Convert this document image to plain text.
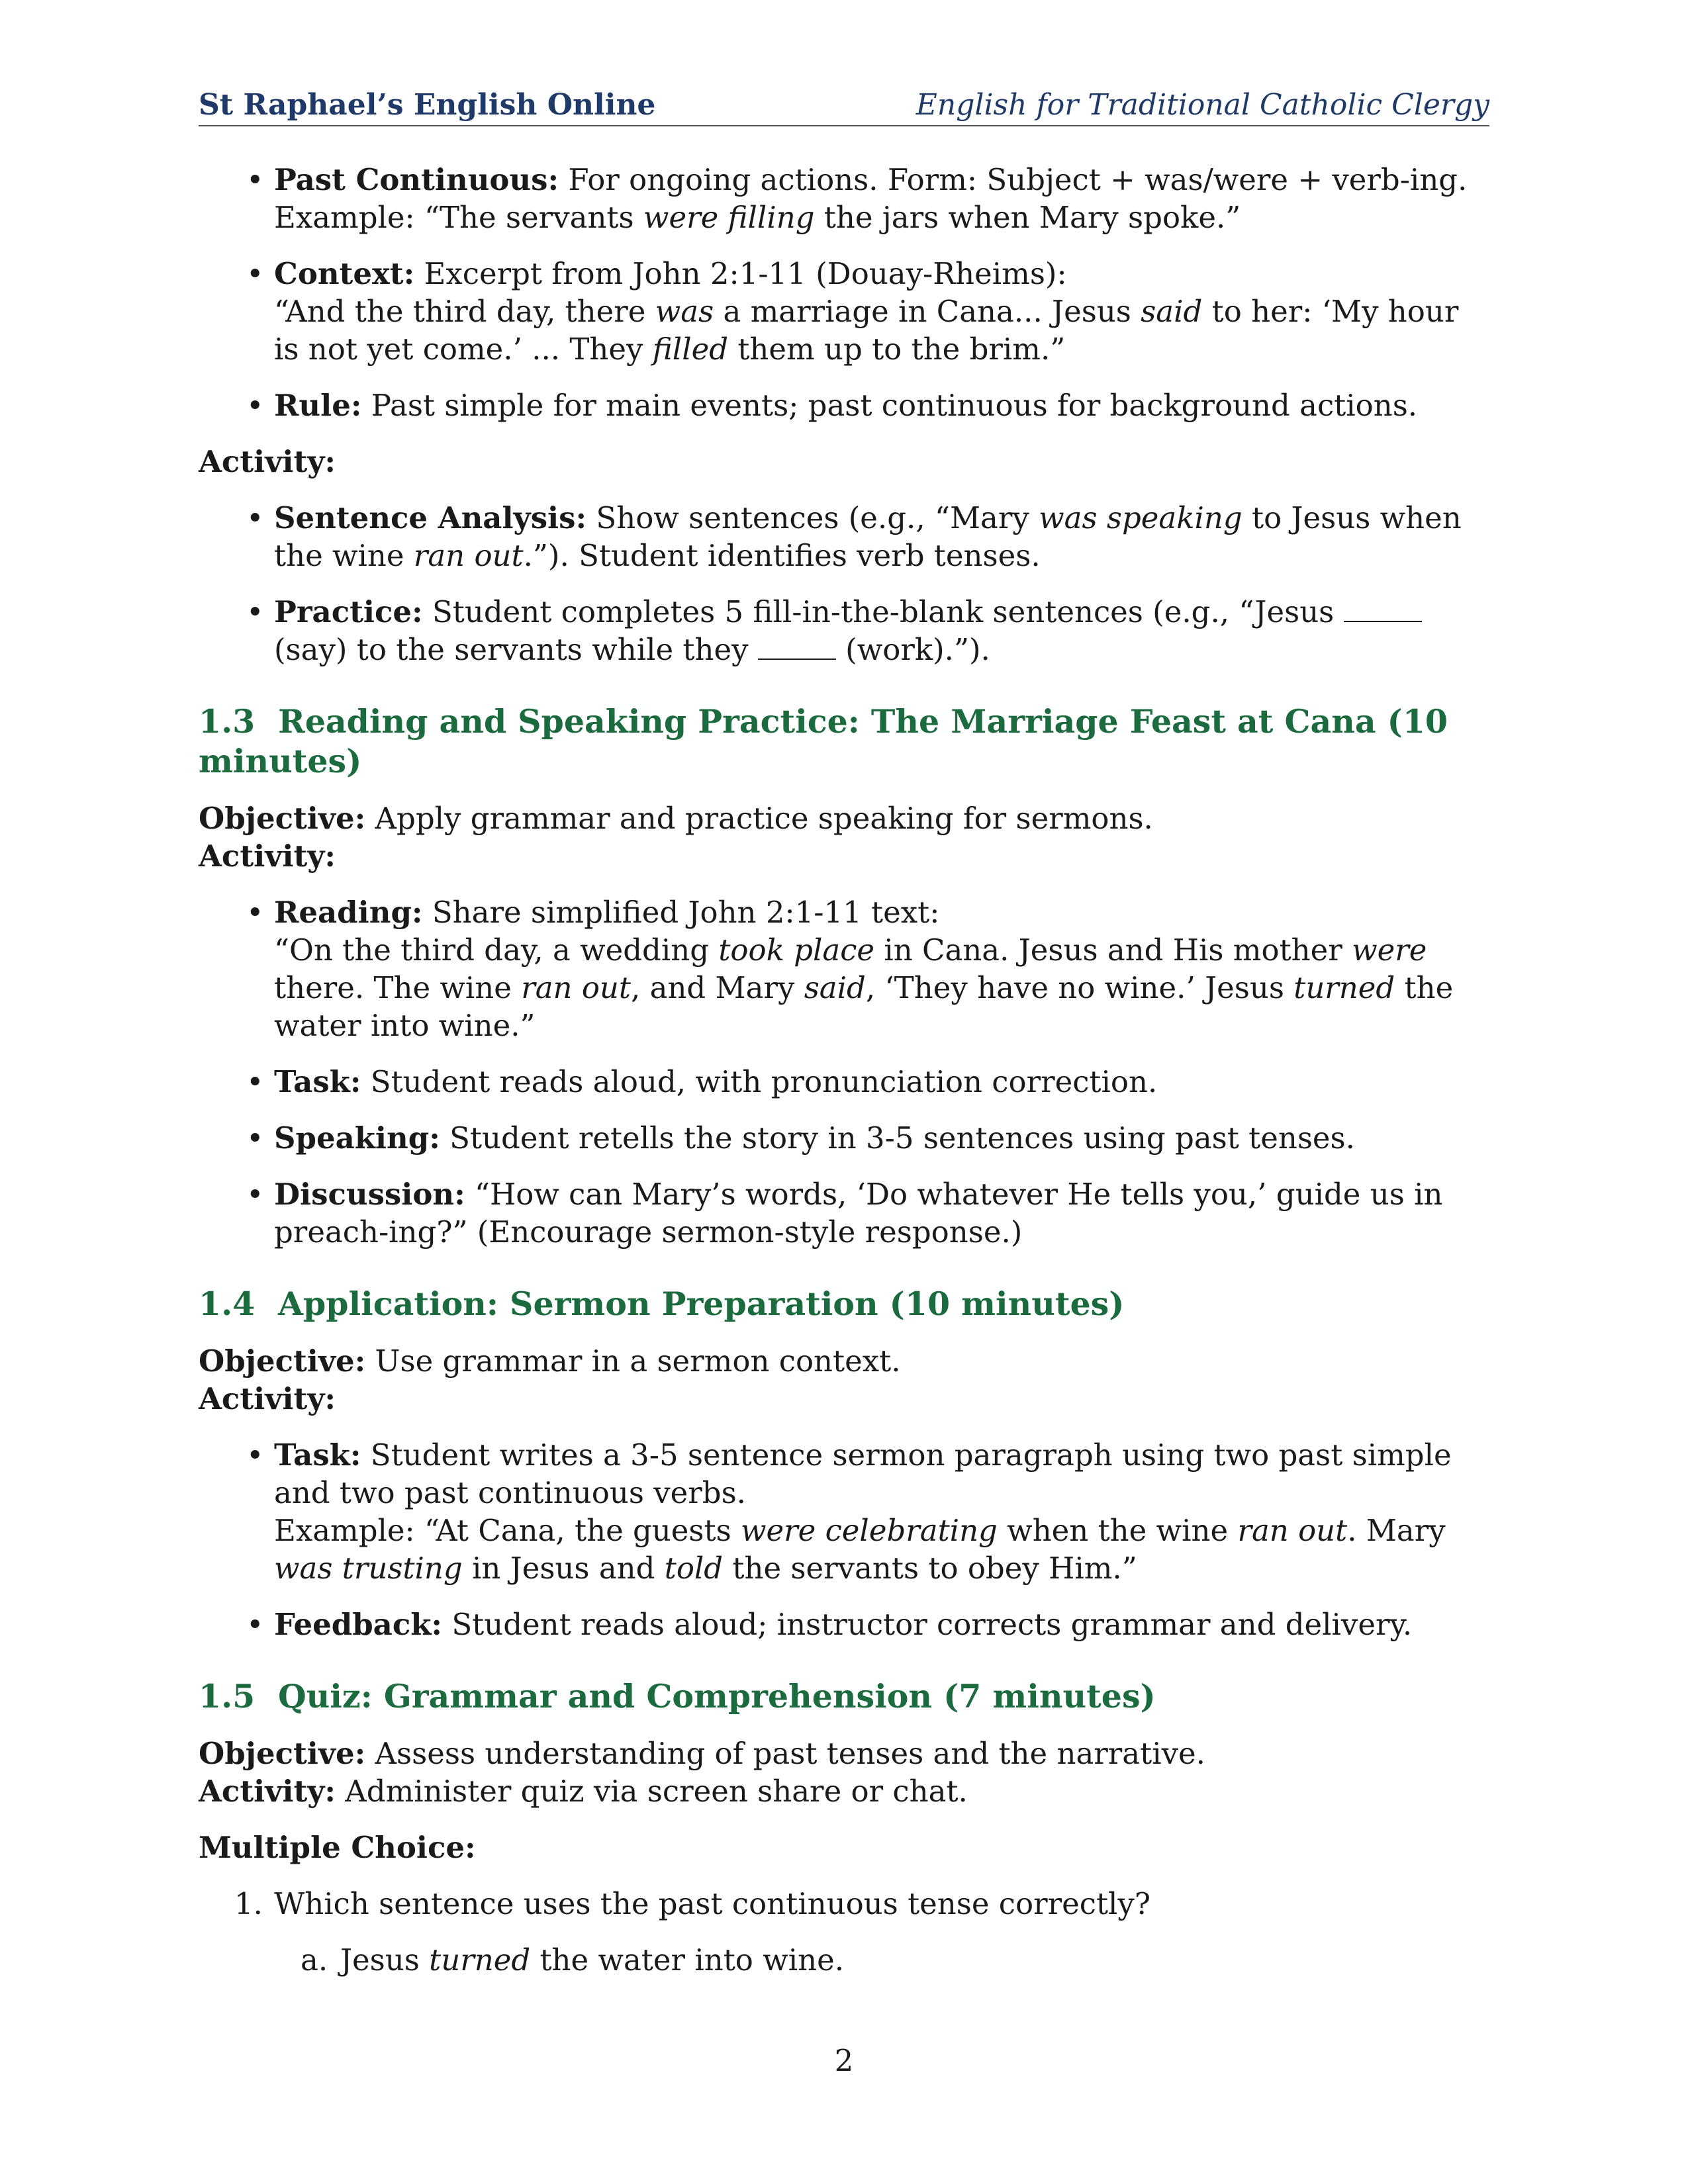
St Raphael’s English Online	English for Traditional Catholic Clergy
• Past Continuous: For ongoing actions. Form: Subject + was/were + verb-ing.
Example: “The servants were filling the jars when Mary spoke.”
• Context: Excerpt from John 2:1-11 (Douay-Rheims):
“And the third day, there was a marriage in Cana... Jesus said to her: ‘My hour is not yet come.’ ... They filled them up to the brim.”
• Rule: Past simple for main events; past continuous for background actions.

Activity:

• Sentence Analysis: Show sentences (e.g., “Mary was speaking to Jesus when the wine ran out.”). Student identifies verb tenses.
• Practice: Student completes 5 fill-in-the-blank sentences (e.g., “Jesus  (say) to the servants while they	(work).”).
1.3 Reading and Speaking Practice: The Marriage Feast at Cana (10 minutes)

Objective: Apply grammar and practice speaking for sermons.

Activity:

• Reading: Share simplified John 2:1-11 text:
“On the third day, a wedding took place in Cana. Jesus and His mother were there. The wine ran out, and Mary said, ‘They have no wine.’ Jesus turned the water into wine.”
• Task: Student reads aloud, with pronunciation correction.
• Speaking: Student retells the story in 3-5 sentences using past tenses.
• Discussion: “How can Mary’s words, ‘Do whatever He tells you,’ guide us in preach-ing?” (Encourage sermon-style response.)
1.4 Application: Sermon Preparation (10 minutes)

Objective: Use grammar in a sermon context.

Activity:

• Task: Student writes a 3-5 sentence sermon paragraph using two past simple and two past continuous verbs.
Example: “At Cana, the guests were celebrating when the wine ran out. Mary was trusting in Jesus and told the servants to obey Him.”
• Feedback: Student reads aloud; instructor corrects grammar and delivery.
1.5 Quiz: Grammar and Comprehension (7 minutes)

Objective: Assess understanding of past tenses and the narrative.

Activity: Administer quiz via screen share or chat.

Multiple Choice:

1. Which sentence uses the past continuous tense correctly?
a. Jesus turned the water into wine.
2
